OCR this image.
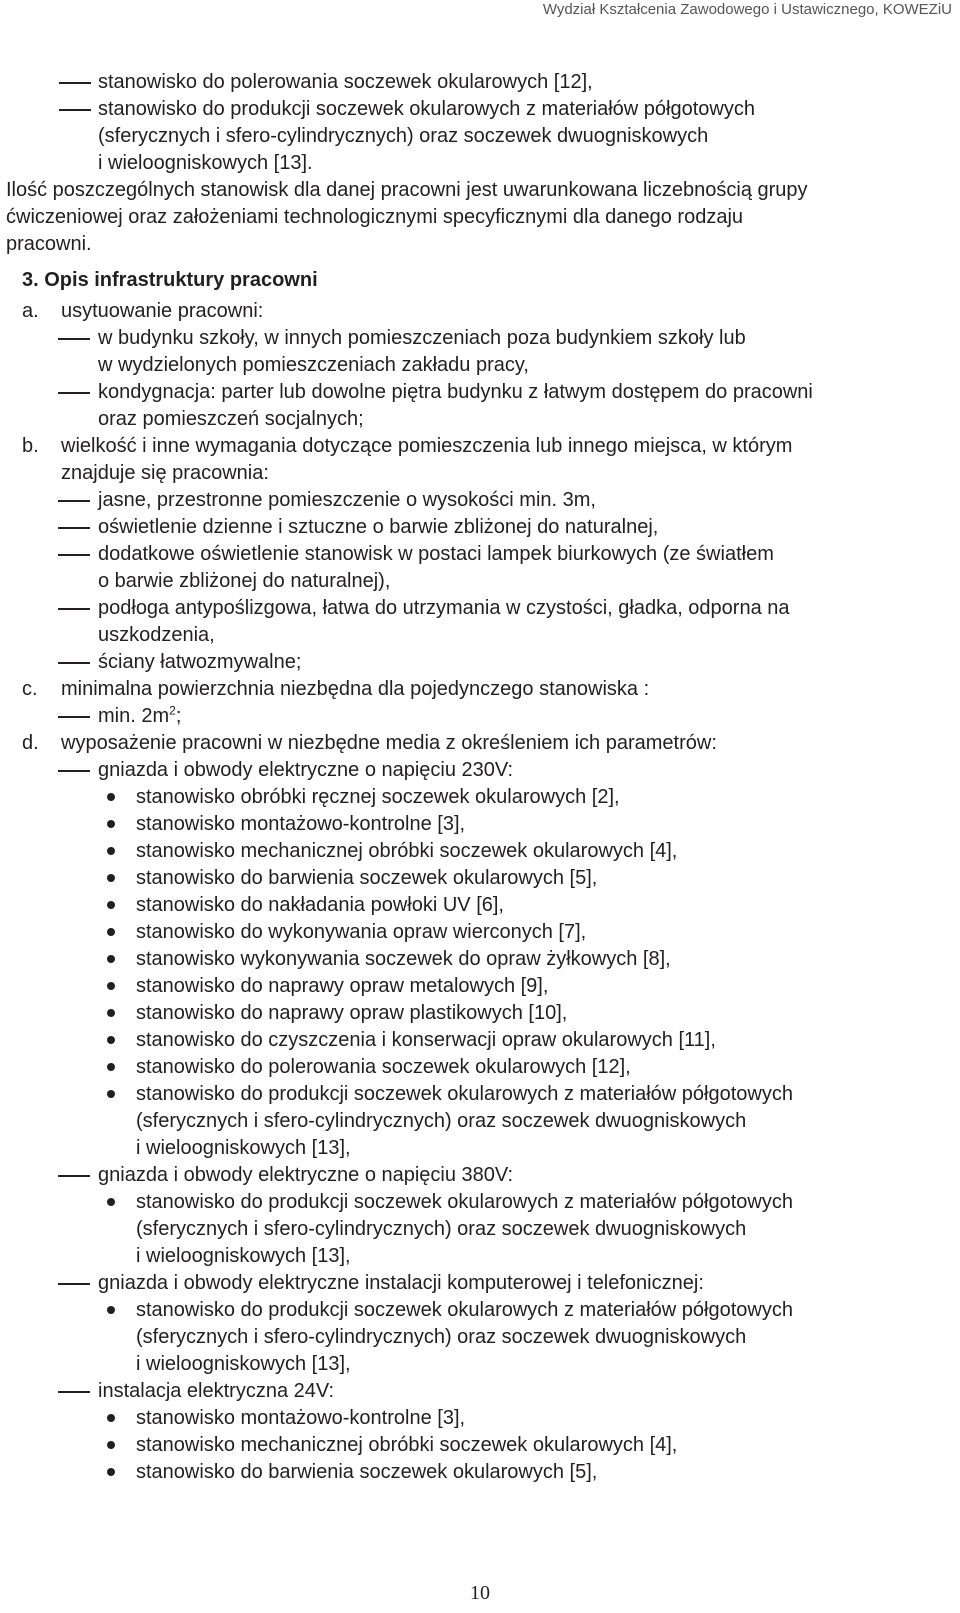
Wydział Kształcenia Zawodowego i Ustawicznego, KOWEZiU
stanowisko do polerowania soczewek okularowych [12],
stanowisko do produkcji soczewek okularowych z materiałów półgotowych
(sferycznych i sfero-cylindrycznych) oraz soczewek dwuogniskowych
i wieloogniskowych [13].
Ilość poszczególnych stanowisk dla danej pracowni jest uwarunkowana liczebnością grupy
ćwiczeniowej oraz założeniami technologicznymi specyficznymi dla danego rodzaju
pracowni.
3. Opis infrastruktury pracowni
a. usytuowanie pracowni:
w budynku szkoły, w innych pomieszczeniach poza budynkiem szkoły lub
w wydzielonych pomieszczeniach zakładu pracy,
kondygnacja: parter lub dowolne piętra budynku z łatwym dostępem do pracowni
oraz pomieszczeń socjalnych;
b. wielkość i inne wymagania dotyczące pomieszczenia lub innego miejsca, w którym
znajduje się pracownia:
jasne, przestronne pomieszczenie o wysokości min. 3m,
oświetlenie dzienne i sztuczne o barwie zbliżonej do naturalnej,
dodatkowe oświetlenie stanowisk w postaci lampek biurkowych (ze światłem
o barwie zbliżonej do naturalnej),
podłoga antypoślizgowa, łatwa do utrzymania w czystości, gładka, odporna na
uszkodzenia,
ściany łatwozmywalne;
c. minimalna powierzchnia niezbędna dla pojedynczego stanowiska :
min. $2m^2$;
d. wyposażenie pracowni w niezbędne media z określeniem ich parametrów:
gniazda i obwody elektryczne o napięciu 230V:
stanowisko obróbki ręcznej soczewek okularowych [2],
stanowisko montażowo-kontrolne [3],
stanowisko mechanicznej obróbki soczewek okularowych [4],
stanowisko do barwienia soczewek okularowych [5],
stanowisko do nakładania powłoki UV [6],
stanowisko do wykonywania opraw wierconych [7],
stanowisko wykonywania soczewek do opraw żyłkowych [8],
stanowisko do naprawy opraw metalowych [9],
stanowisko do naprawy opraw plastikowych [10],
stanowisko do czyszczenia i konserwacji opraw okularowych [11],
stanowisko do polerowania soczewek okularowych [12],
stanowisko do produkcji soczewek okularowych z materiałów półgotowych
(sferycznych i sfero-cylindrycznych) oraz soczewek dwuogniskowych
i wieloogniskowych [13],
gniazda i obwody elektryczne o napięciu 380V:
stanowisko do produkcji soczewek okularowych z materiałów półgotowych
(sferycznych i sfero-cylindrycznych) oraz soczewek dwuogniskowych
i wieloogniskowych [13],
gniazda i obwody elektryczne instalacji komputerowej i telefonicznej:
stanowisko do produkcji soczewek okularowych z materiałów półgotowych
(sferycznych i sfero-cylindrycznych) oraz soczewek dwuogniskowych
i wieloogniskowych [13],
instalacja elektryczna 24V:
stanowisko montażowo-kontrolne [3],
stanowisko mechanicznej obróbki soczewek okularowych [4],
stanowisko do barwienia soczewek okularowych [5],
10
